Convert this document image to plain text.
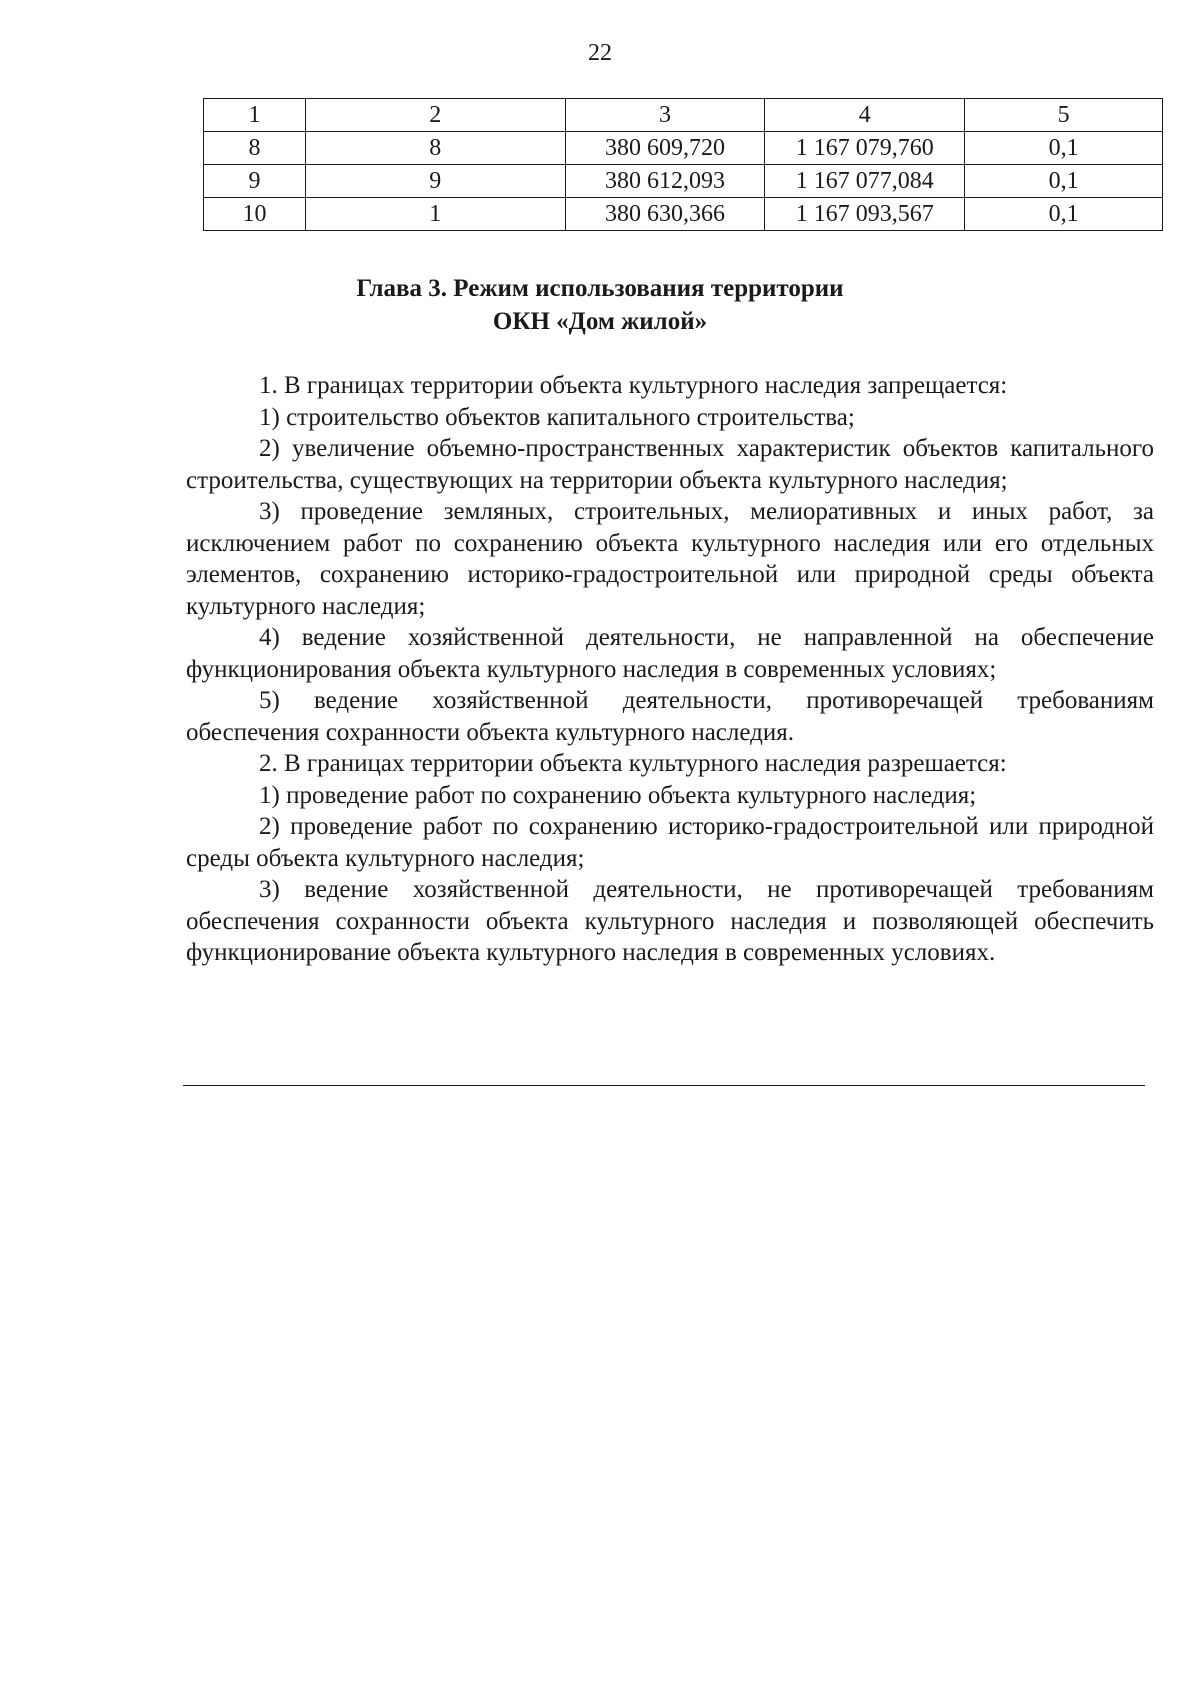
22
1	2	3	4	5
8	8	380 609,720	1 167 079,760	0,1
9	9	380 612,093	1 167 077,084	0,1
10	1	380 630,366	1 167 093,567	0,1
Глава 3. Режим использования территории
ОКН «Дом жилой»

1. В границах территории объекта культурного наследия запрещается:

1) строительство объектов капитального строительства;

2) увеличение объемно-пространственных характеристик объектов капитального строительства, существующих на территории объекта культурного наследия;

3) проведение земляных, строительных, мелиоративных и иных работ, за исключением работ по сохранению объекта культурного наследия или его отдельных элементов, сохранению историко-градостроительной или природной среды объекта культурного наследия;

4) ведение хозяйственной деятельности, не направленной на обеспечение функционирования объекта культурного наследия в современных условиях;

5) ведение хозяйственной деятельности, противоречащей требованиям обеспечения сохранности объекта культурного наследия.

2. В границах территории объекта культурного наследия разрешается:

1) проведение работ по сохранению объекта культурного наследия;

2) проведение работ по сохранению историко-градостроительной или природной среды объекта культурного наследия;

3) ведение хозяйственной деятельности, не противоречащей требованиям обеспечения сохранности объекта культурного наследия и позволяющей обеспечить функционирование объекта культурного наследия в современных условиях.
